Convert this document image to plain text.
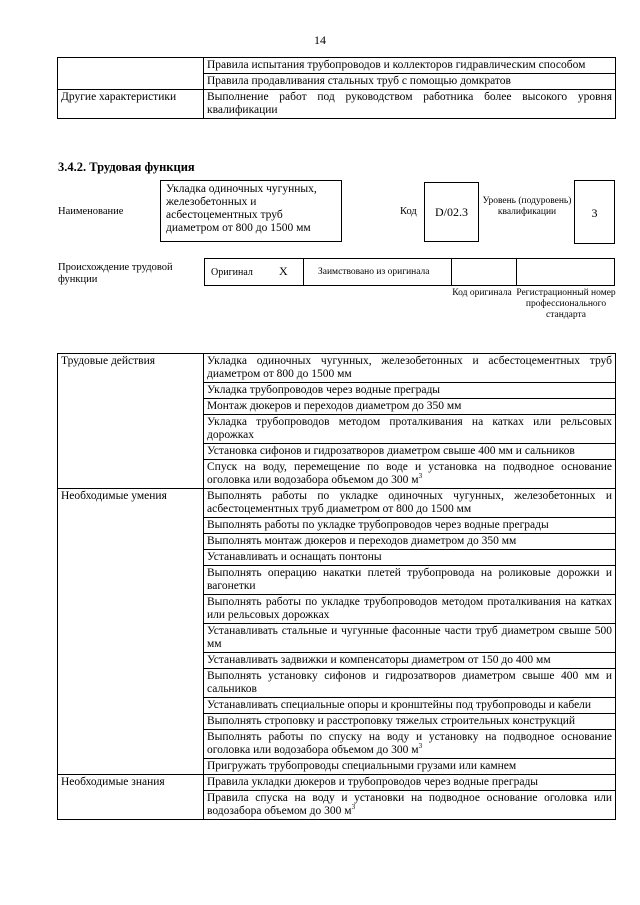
14
	Правила испытания трубопроводов и коллекторов гидравлическим способом
	Правила продавливания стальных труб с помощью домкратов
Другие характеристики	Выполнение работ под руководством работника более высокого уровня квалификации
3.4.2. Трудовая функция
Наименование
Укладка одиночных чугунных, железобетонных и асбестоцементных труб диаметром от 800 до 1500 мм
Код	D/02.3
Уровень (подуровень) квалификации	3
Происхождение трудовой функции
Оригинал X	Заимствовано из оригинала
Код оригинала Регистрационный номер профессионального стандарта
Трудовые действия	Укладка одиночных чугунных, железобетонных и асбестоцементных труб диаметром от 800 до 1500 мм
	Укладка трубопроводов через водные преграды
	Монтаж дюкеров и переходов диаметром до 350 мм
	Укладка трубопроводов методом проталкивания на катках или рельсовых дорожках
	Установка сифонов и гидрозатворов диаметром свыше 400 мм и сальников
	Спуск на воду, перемещение по воде и установка на подводное основание оголовка или водозабора объемом до 300 $м^3$
Необходимые умения	Выполнять работы по укладке одиночных чугунных, железобетонных и асбестоцементных труб диаметром от 800 до 1500 мм
	Выполнять работы по укладке трубопроводов через водные преграды
	Выполнять монтаж дюкеров и переходов диаметром до 350 мм
	Устанавливать и оснащать понтоны
	Выполнять операцию накатки плетей трубопровода на роликовые дорожки и вагонетки
	Выполнять работы по укладке трубопроводов методом проталкивания на катках или рельсовых дорожках
	Устанавливать стальные и чугунные фасонные части труб диаметром свыше 500 мм
	Устанавливать задвижки и компенсаторы диаметром от 150 до 400 мм
	Выполнять установку сифонов и гидрозатворов диаметром свыше 400 мм и сальников
	Устанавливать специальные опоры и кронштейны под трубопроводы и кабели
	Выполнять строповку и расстроповку тяжелых строительных конструкций
	Выполнять работы по спуску на воду и установку на подводное основание оголовка или водозабора объемом до 300 $м^3$
	Пригружать трубопроводы специальными грузами или камнем
Необходимые знания	Правила укладки дюкеров и трубопроводов через водные преграды
	Правила спуска на воду и установки на подводное основание оголовка или водозабора объемом до 300 $м^3$
